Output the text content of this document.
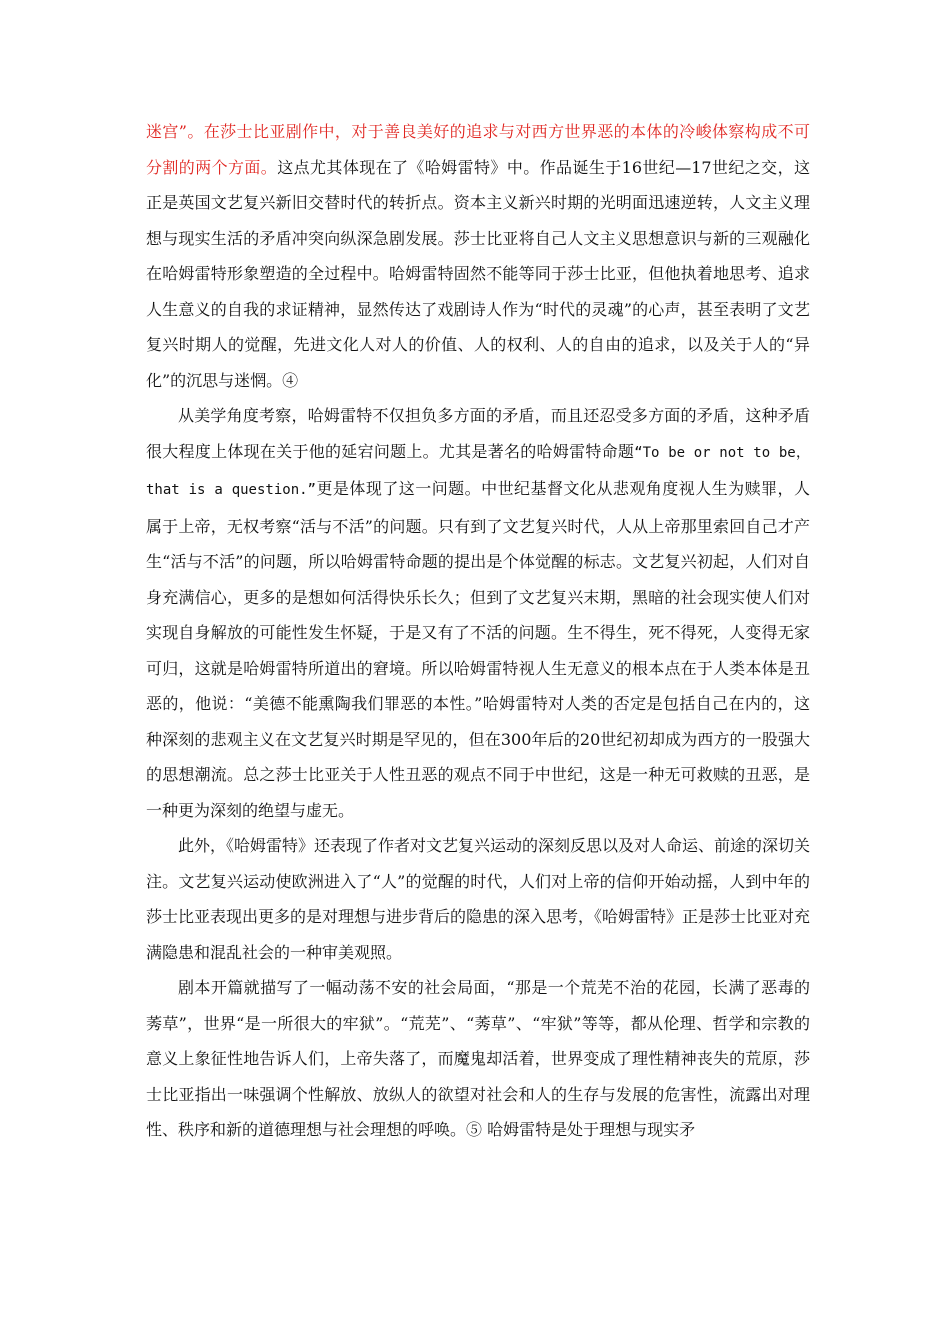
迷宫”。在莎士比亚剧作中，对于善良美好的追求与对西方世界恶的本体的冷峻体察构成不可分割的两个方面。这点尤其体现在了《哈姆雷特》中。作品诞生于16世纪—17世纪之交，这正是英国文艺复兴新旧交替时代的转折点。资本主义新兴时期的光明面迅速逆转，人文主义理想与现实生活的矛盾冲突向纵深急剧发展。莎士比亚将自己人文主义思想意识与新的三观融化在哈姆雷特形象塑造的全过程中。哈姆雷特固然不能等同于莎士比亚，但他执着地思考、追求人生意义的自我的求证精神，显然传达了戏剧诗人作为“时代的灵魂”的心声，甚至表明了文艺复兴时期人的觉醒，先进文化人对人的价值、人的权利、人的自由的追求，以及关于人的“异化”的沉思与迷惘。④

从美学角度考察，哈姆雷特不仅担负多方面的矛盾，而且还忍受多方面的矛盾，这种矛盾很大程度上体现在关于他的延宕问题上。尤其是著名的哈姆雷特命题“To be or not to be，that is a question.”更是体现了这一问题。中世纪基督文化从悲观角度视人生为赎罪，人属于上帝，无权考察“活与不活”的问题。只有到了文艺复兴时代，人从上帝那里索回自己才产生“活与不活”的问题，所以哈姆雷特命题的提出是个体觉醒的标志。文艺复兴初起，人们对自身充满信心，更多的是想如何活得快乐长久；但到了文艺复兴末期，黑暗的社会现实使人们对实现自身解放的可能性发生怀疑，于是又有了不活的问题。生不得生，死不得死，人变得无家可归，这就是哈姆雷特所道出的窘境。所以哈姆雷特视人生无意义的根本点在于人类本体是丑恶的，他说：“美德不能熏陶我们罪恶的本性。”哈姆雷特对人类的否定是包括自己在内的，这种深刻的悲观主义在文艺复兴时期是罕见的，但在300年后的20世纪初却成为西方的一股强大的思想潮流。总之莎士比亚关于人性丑恶的观点不同于中世纪，这是一种无可救赎的丑恶，是一种更为深刻的绝望与虚无。

此外，《哈姆雷特》还表现了作者对文艺复兴运动的深刻反思以及对人命运、前途的深切关注。文艺复兴运动使欧洲进入了“人”的觉醒的时代，人们对上帝的信仰开始动摇，人到中年的莎士比亚表现出更多的是对理想与进步背后的隐患的深入思考，《哈姆雷特》正是莎士比亚对充满隐患和混乱社会的一种审美观照。

剧本开篇就描写了一幅动荡不安的社会局面，“那是一个荒芜不治的花园，长满了恶毒的莠草”，世界“是一所很大的牢狱”。“荒芜”、“莠草”、“牢狱”等等，都从伦理、哲学和宗教的意义上象征性地告诉人们，上帝失落了，而魔鬼却活着，世界变成了理性精神丧失的荒原，莎士比亚指出一味强调个性解放、放纵人的欲望对社会和人的生存与发展的危害性，流露出对理性、秩序和新的道德理想与社会理想的呼唤。⑤ 哈姆雷特是处于理想与现实矛
